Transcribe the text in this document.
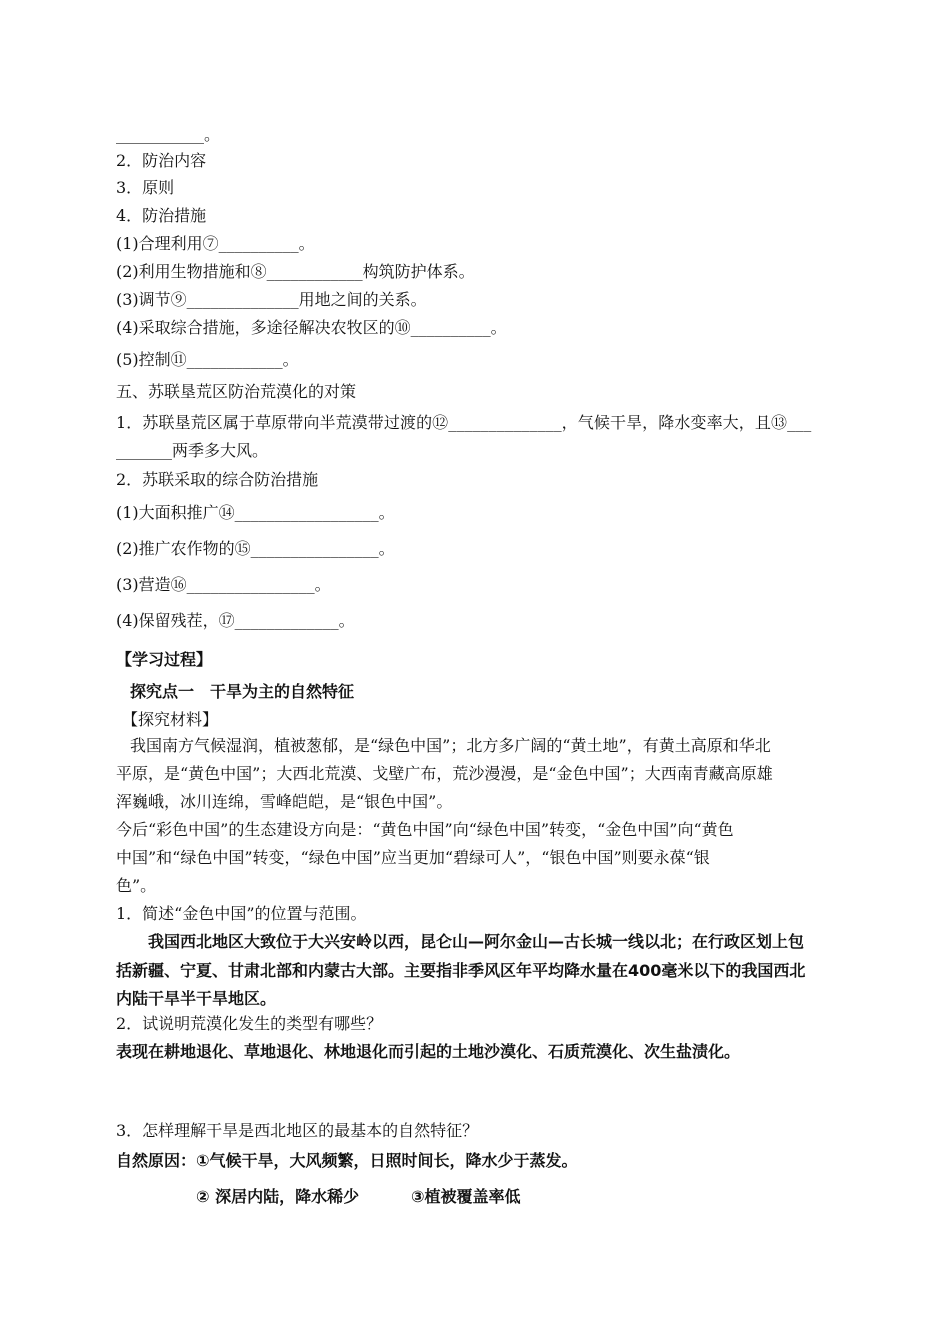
___________。
2．防治内容
3．原则
4．防治措施
(1)合理利用⑦__________。
(2)利用生物措施和⑧____________构筑防护体系。
(3)调节⑨______________用地之间的关系。
(4)采取综合措施，多途径解决农牧区的⑩__________。
(5)控制⑪____________。
五、苏联垦荒区防治荒漠化的对策
1．苏联垦荒区属于草原带向半荒漠带过渡的⑫______________，气候干旱，降水变率大，且⑬___
_______两季多大风。
2．苏联采取的综合防治措施
(1)大面积推广⑭__________________。
(2)推广农作物的⑮________________。
(3)营造⑯________________。
(4)保留残茬，⑰_____________。
【学习过程】
探究点一　干旱为主的自然特征
【探究材料】
我国南方气候湿润，植被葱郁，是“绿色中国”；北方多广阔的“黄土地”，有黄土高原和华北
平原，是“黄色中国”；大西北荒漠、戈壁广布，荒沙漫漫，是“金色中国”；大西南青藏高原雄
浑巍峨，冰川连绵，雪峰皑皑，是“银色中国”。
今后“彩色中国”的生态建设方向是：“黄色中国”向“绿色中国”转变，“金色中国”向“黄色
中国”和“绿色中国”转变，“绿色中国”应当更加“碧绿可人”，“银色中国”则要永葆“银
色”。
1．简述“金色中国”的位置与范围。
我国西北地区大致位于大兴安岭以西，昆仑山—阿尔金山—古长城一线以北；在行政区划上包
括新疆、宁夏、甘肃北部和内蒙古大部。主要指非季风区年平均降水量在400毫米以下的我国西北
内陆干旱半干旱地区。
2．试说明荒漠化发生的类型有哪些？
表现在耕地退化、草地退化、林地退化而引起的土地沙漠化、石质荒漠化、次生盐渍化。
3．怎样理解干旱是西北地区的最基本的自然特征？
自然原因：①气候干旱，大风频繁，日照时间长，降水少于蒸发。
② 深居内陆，降水稀少	③植被覆盖率低
